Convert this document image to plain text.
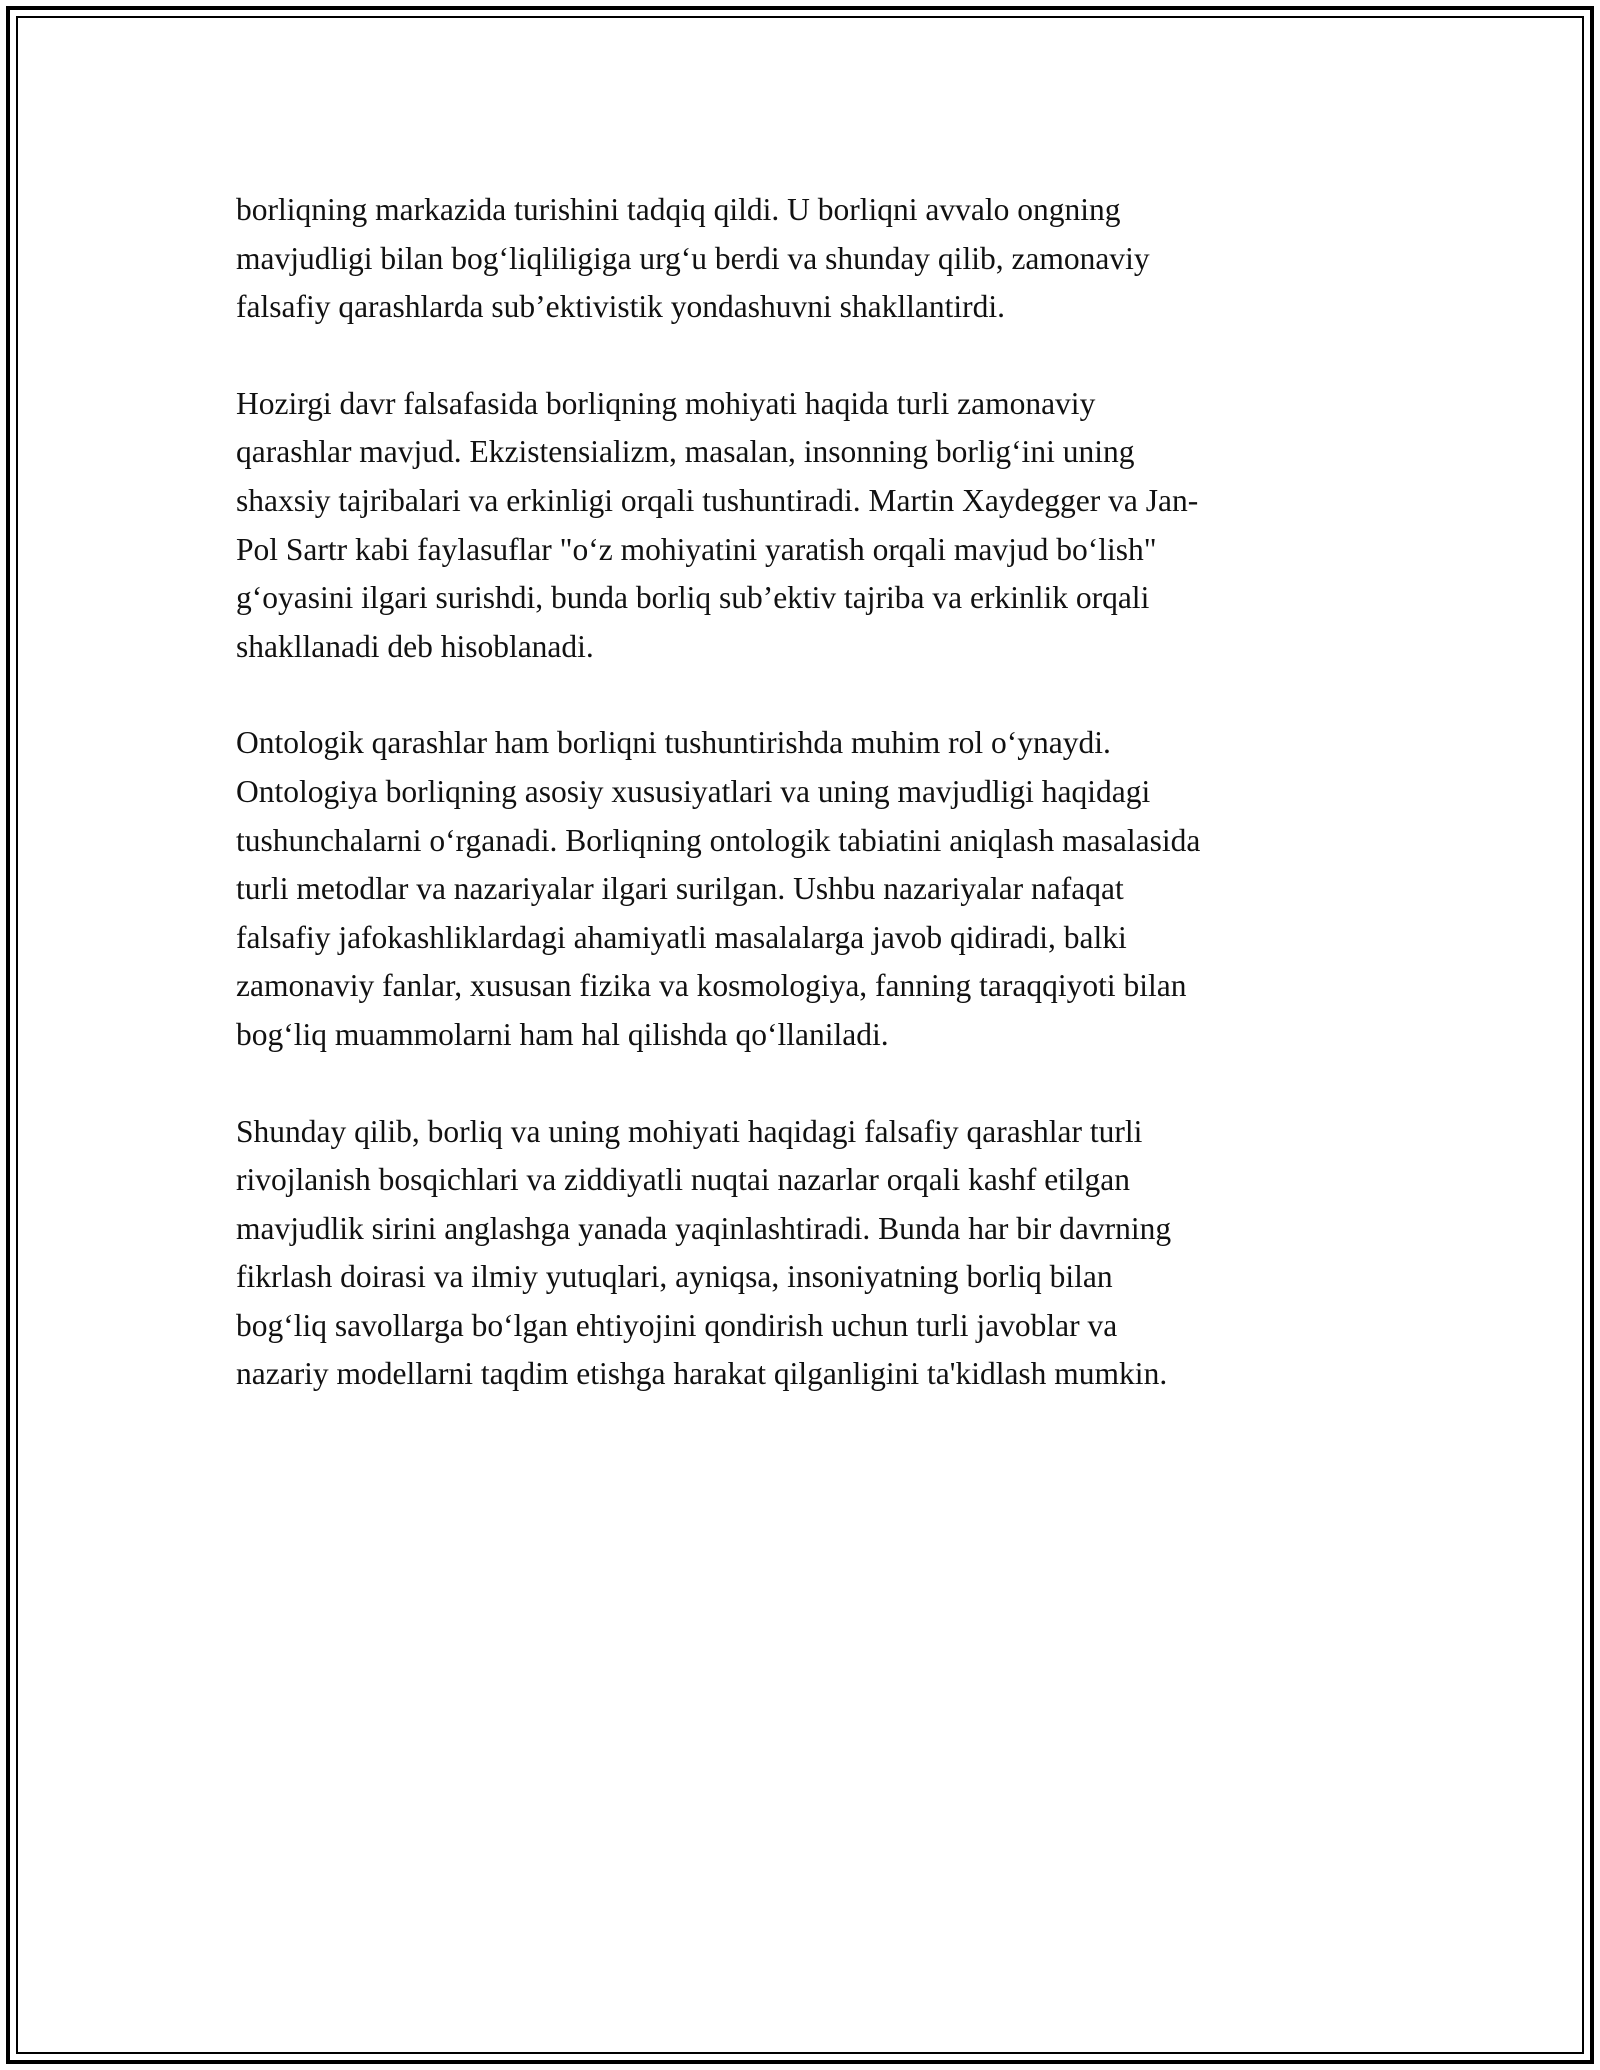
borliqning markazida turishini tadqiq qildi. U borliqni avvalo ongning
mavjudligi bilan bog‘liqliligiga urg‘u berdi va shunday qilib, zamonaviy
falsafiy qarashlarda sub’ektivistik yondashuvni shakllantirdi.

Hozirgi davr falsafasida borliqning mohiyati haqida turli zamonaviy
qarashlar mavjud. Ekzistensializm, masalan, insonning borlig‘ini uning
shaxsiy tajribalari va erkinligi orqali tushuntiradi. Martin Xaydegger va Jan-
Pol Sartr kabi faylasuflar "o‘z mohiyatini yaratish orqali mavjud bo‘lish"
g‘oyasini ilgari surishdi, bunda borliq sub’ektiv tajriba va erkinlik orqali
shakllanadi deb hisoblanadi.

Ontologik qarashlar ham borliqni tushuntirishda muhim rol o‘ynaydi.
Ontologiya borliqning asosiy xususiyatlari va uning mavjudligi haqidagi
tushunchalarni o‘rganadi. Borliqning ontologik tabiatini aniqlash masalasida
turli metodlar va nazariyalar ilgari surilgan. Ushbu nazariyalar nafaqat
falsafiy jafokashliklardagi ahamiyatli masalalarga javob qidiradi, balki
zamonaviy fanlar, xususan fizika va kosmologiya, fanning taraqqiyoti bilan
bog‘liq muammolarni ham hal qilishda qo‘llaniladi.

Shunday qilib, borliq va uning mohiyati haqidagi falsafiy qarashlar turli
rivojlanish bosqichlari va ziddiyatli nuqtai nazarlar orqali kashf etilgan
mavjudlik sirini anglashga yanada yaqinlashtiradi. Bunda har bir davrning
fikrlash doirasi va ilmiy yutuqlari, ayniqsa, insoniyatning borliq bilan
bog‘liq savollarga bo‘lgan ehtiyojini qondirish uchun turli javoblar va
nazariy modellarni taqdim etishga harakat qilganligini ta'kidlash mumkin.
